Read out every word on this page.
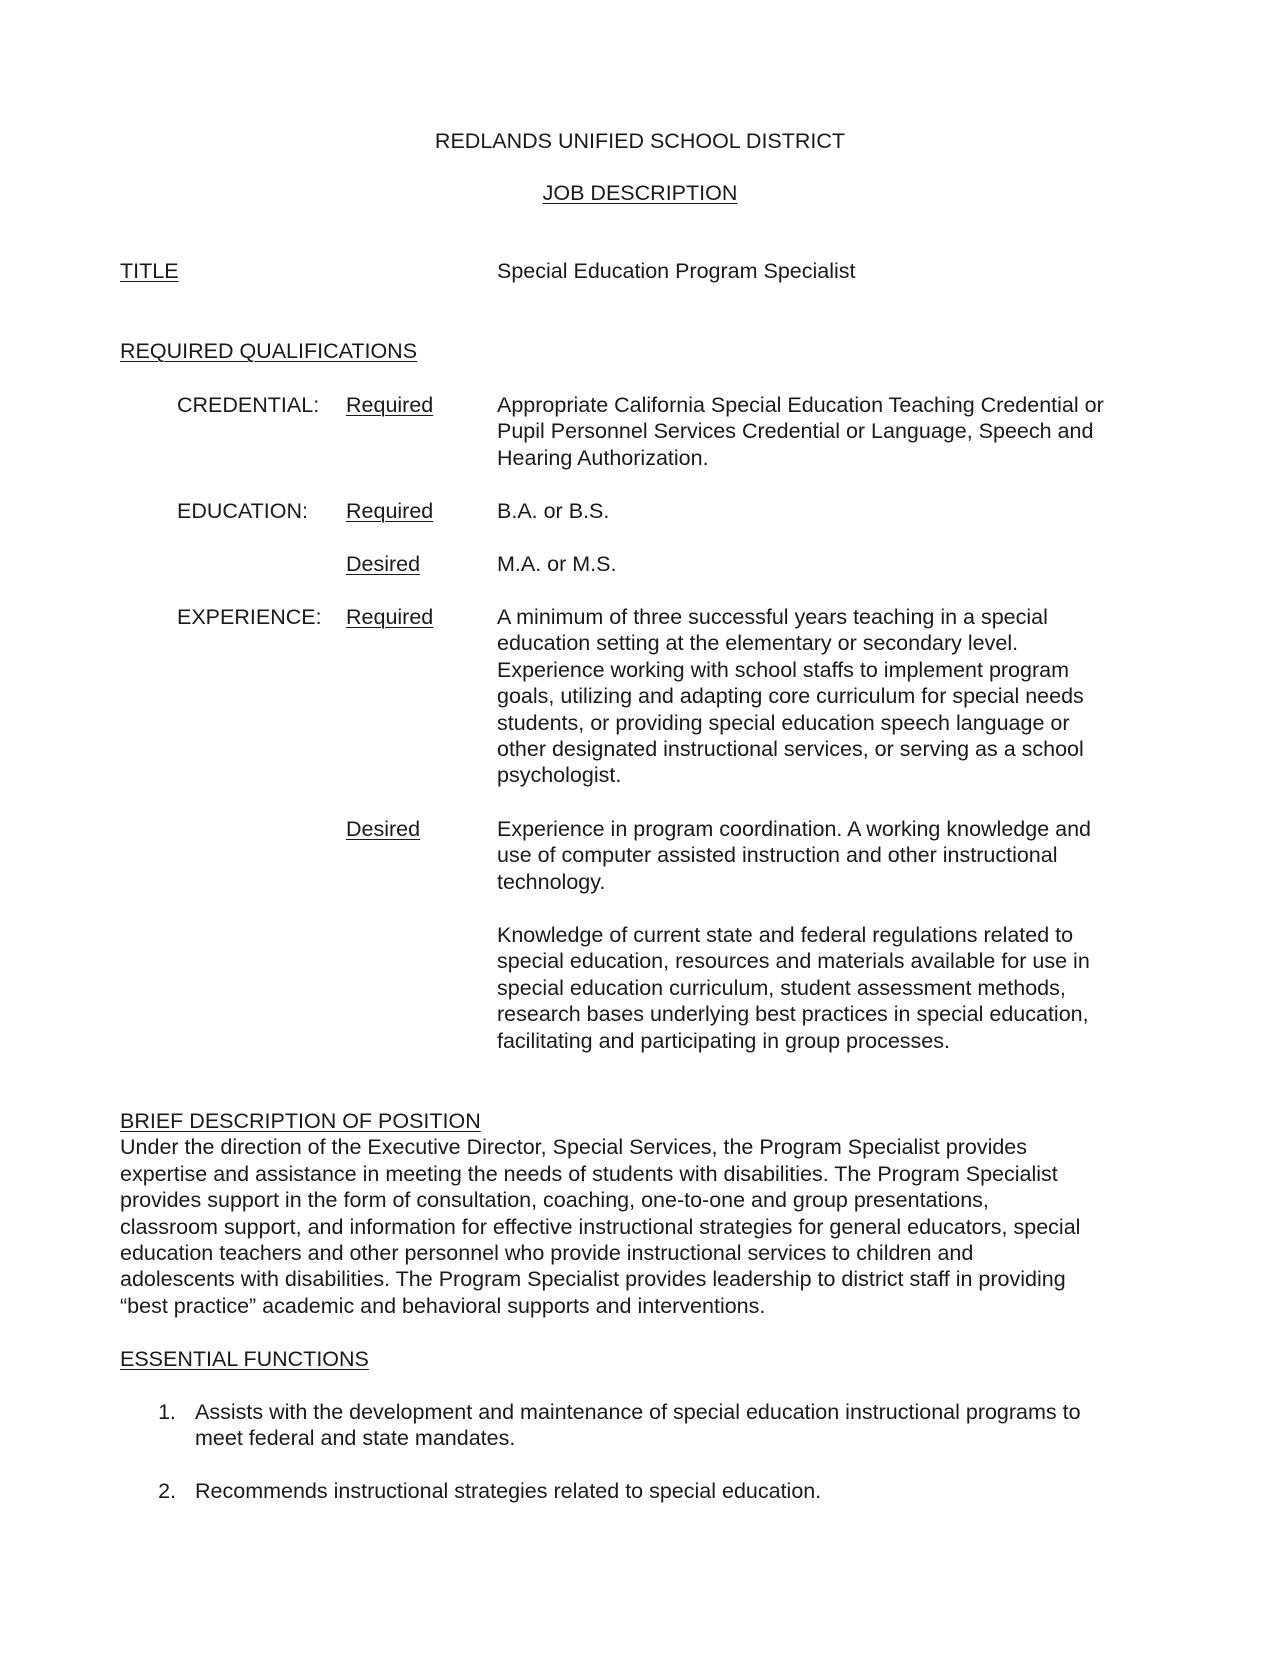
REDLANDS UNIFIED SCHOOL DISTRICT
JOB DESCRIPTION
TITLE	Special Education Program Specialist
REQUIRED QUALIFICATIONS
CREDENTIAL: Required	Appropriate California Special Education Teaching Credential or
Pupil Personnel Services Credential or Language, Speech and
Hearing Authorization.
EDUCATION: Required	B.A. or B.S.
Desired	M.A. or M.S.
EXPERIENCE: Required	A minimum of three successful years teaching in a special
education setting at the elementary or secondary level.
Experience working with school staffs to implement program
goals, utilizing and adapting core curriculum for special needs
students, or providing special education speech language or
other designated instructional services, or serving as a school
psychologist.
Desired	Experience in program coordination. A working knowledge and
use of computer assisted instruction and other instructional
technology.
Knowledge of current state and federal regulations related to
special education, resources and materials available for use in
special education curriculum, student assessment methods,
research bases underlying best practices in special education,
facilitating and participating in group processes.
BRIEF DESCRIPTION OF POSITION
Under the direction of the Executive Director, Special Services, the Program Specialist provides
expertise and assistance in meeting the needs of students with disabilities. The Program Specialist
provides support in the form of consultation, coaching, one-to-one and group presentations,
classroom support, and information for effective instructional strategies for general educators, special
education teachers and other personnel who provide instructional services to children and
adolescents with disabilities. The Program Specialist provides leadership to district staff in providing
“best practice” academic and behavioral supports and interventions.
ESSENTIAL FUNCTIONS
1. Assists with the development and maintenance of special education instructional programs to
meet federal and state mandates.
2. Recommends instructional strategies related to special education.
